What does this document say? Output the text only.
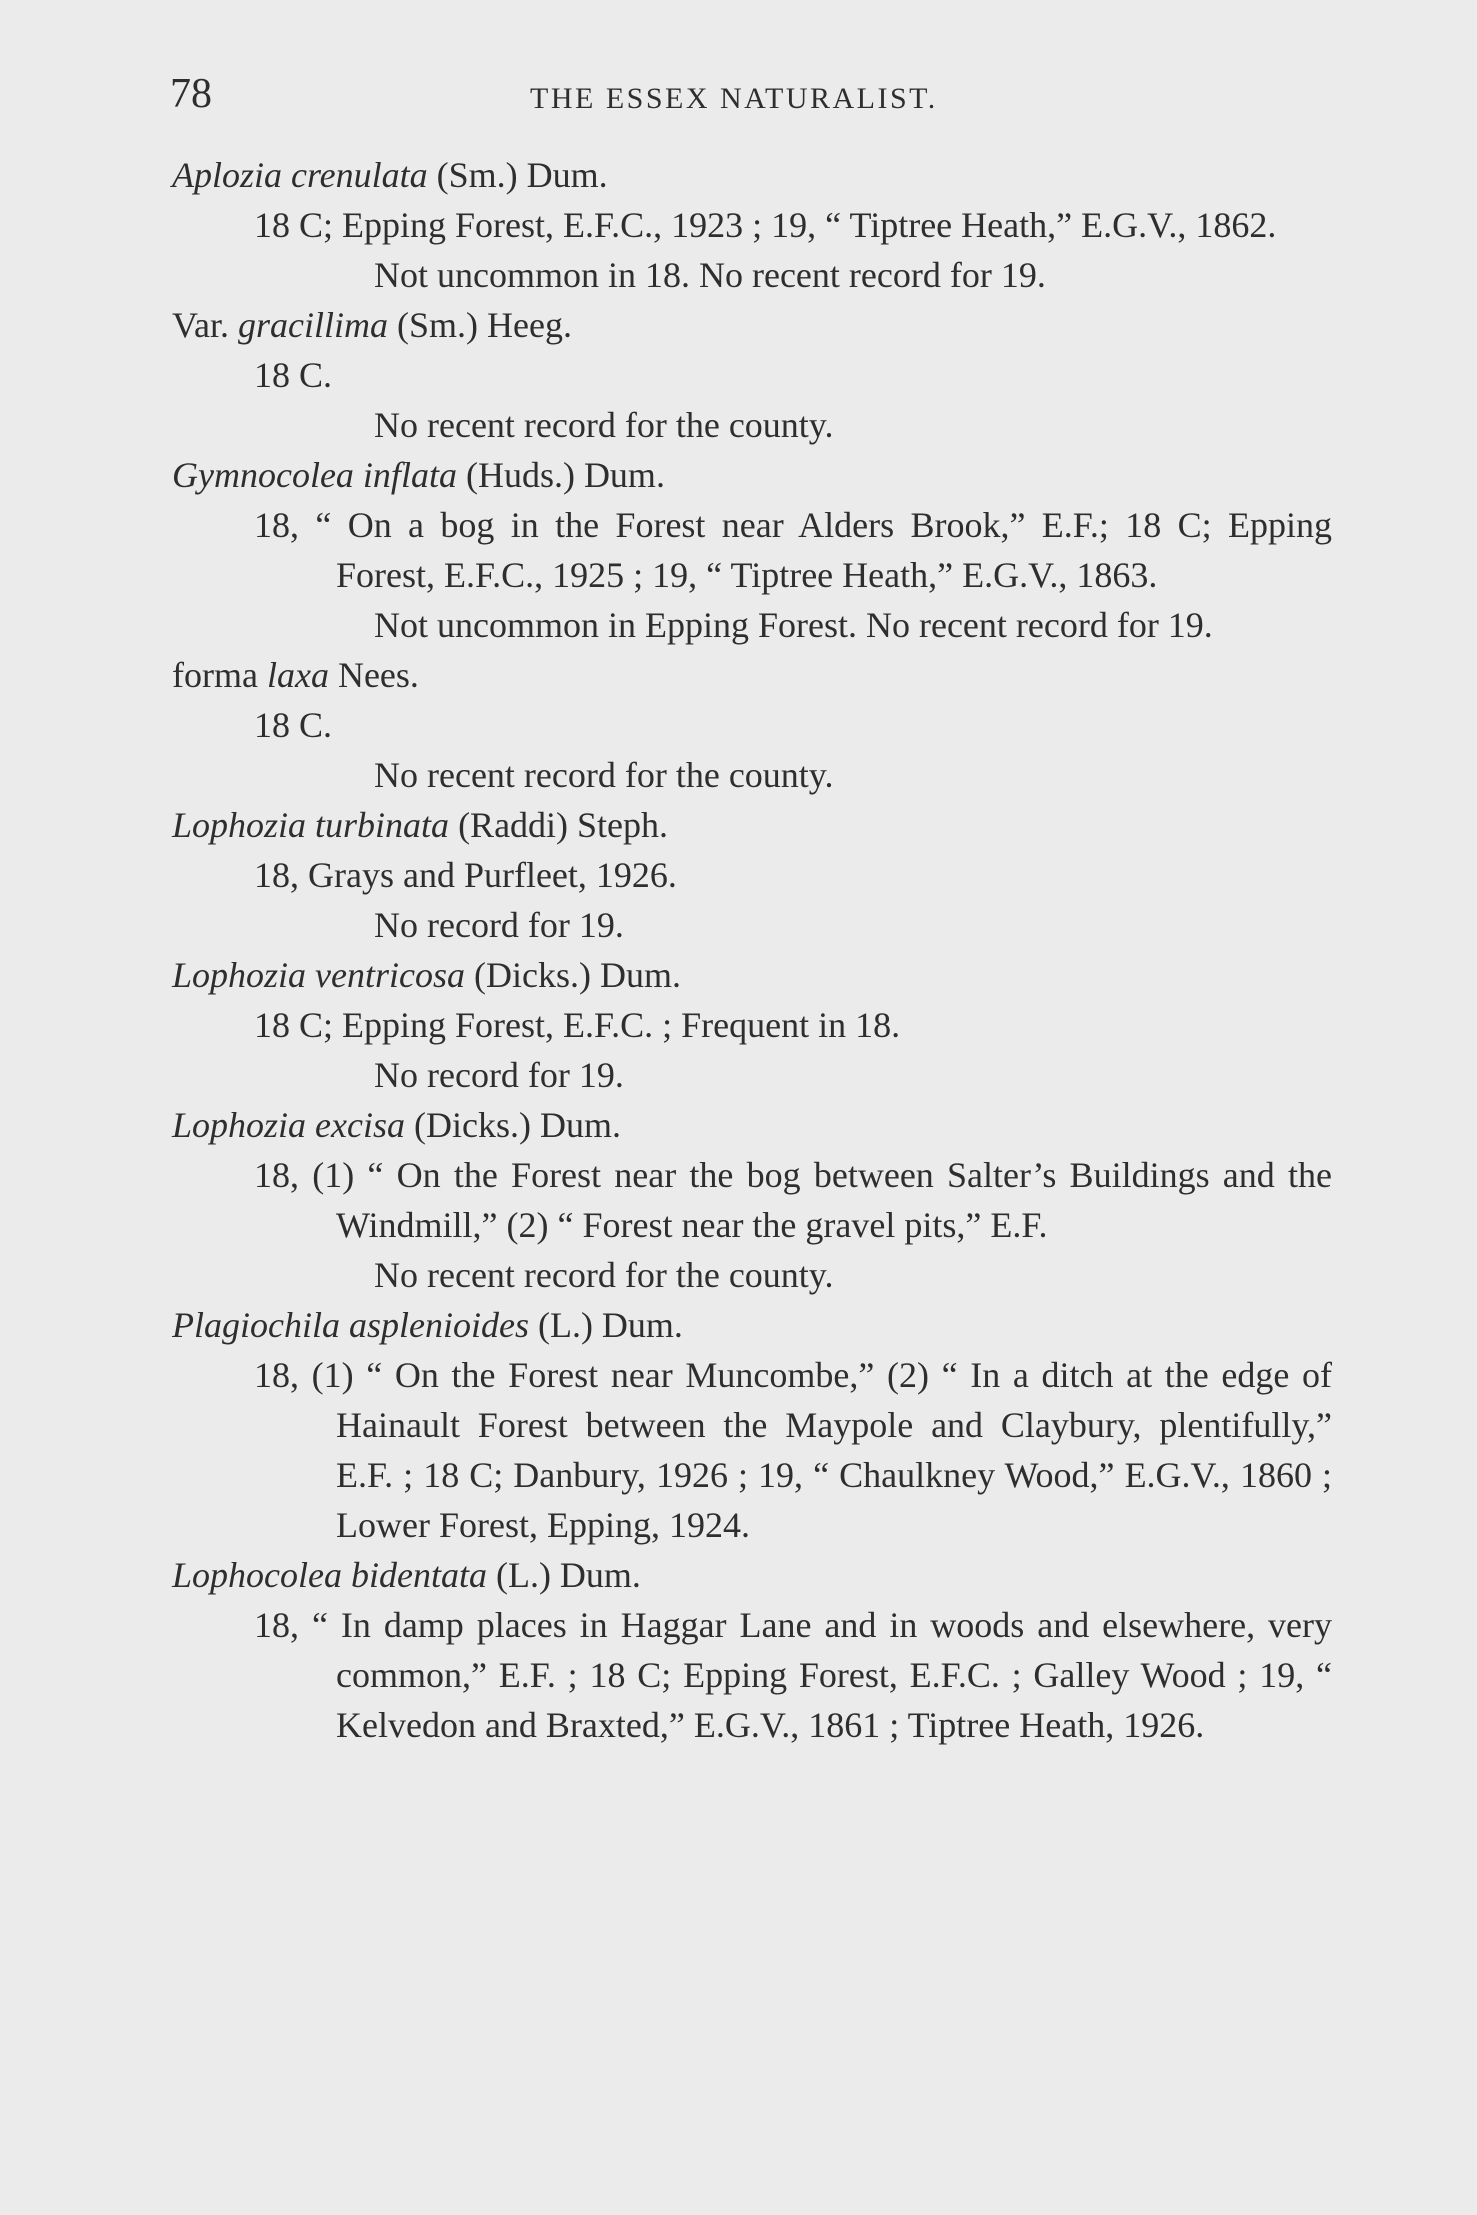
78	THE ESSEX NATURALIST.
Aplozia crenulata (Sm.) Dum.
18 C; Epping Forest, E.F.C., 1923 ; 19, “ Tiptree Heath,” E.G.V., 1862.
Not uncommon in 18. No recent record for 19.
Var. gracillima (Sm.) Heeg.
18 C.
No recent record for the county.
Gymnocolea inflata (Huds.) Dum.
18, “ On a bog in the Forest near Alders Brook,” E.F.; 18 C; Epping Forest, E.F.C., 1925 ; 19, “ Tiptree Heath,” E.G.V., 1863.
Not uncommon in Epping Forest. No recent record for 19.
forma laxa Nees.
18 C.
No recent record for the county.
Lophozia turbinata (Raddi) Steph.
18, Grays and Purfleet, 1926.
No record for 19.
Lophozia ventricosa (Dicks.) Dum.
18 C; Epping Forest, E.F.C. ; Frequent in 18.
No record for 19.
Lophozia excisa (Dicks.) Dum.
18, (1) “ On the Forest near the bog between Salter’s Buildings and the Windmill,” (2) “ Forest near the gravel pits,” E.F.
No recent record for the county.
Plagiochila asplenioides (L.) Dum.
18, (1) “ On the Forest near Muncombe,” (2) “ In a ditch at the edge of Hainault Forest between the Maypole and Claybury, plentifully,” E.F. ; 18 C; Danbury, 1926 ; 19, “ Chaulkney Wood,” E.G.V., 1860 ; Lower Forest, Epping, 1924.
Lophocolea bidentata (L.) Dum.
18, “ In damp places in Haggar Lane and in woods and elsewhere, very common,” E.F. ; 18 C; Epping Forest, E.F.C. ; Galley Wood ; 19, “ Kelvedon and Braxted,” E.G.V., 1861 ; Tiptree Heath, 1926.
